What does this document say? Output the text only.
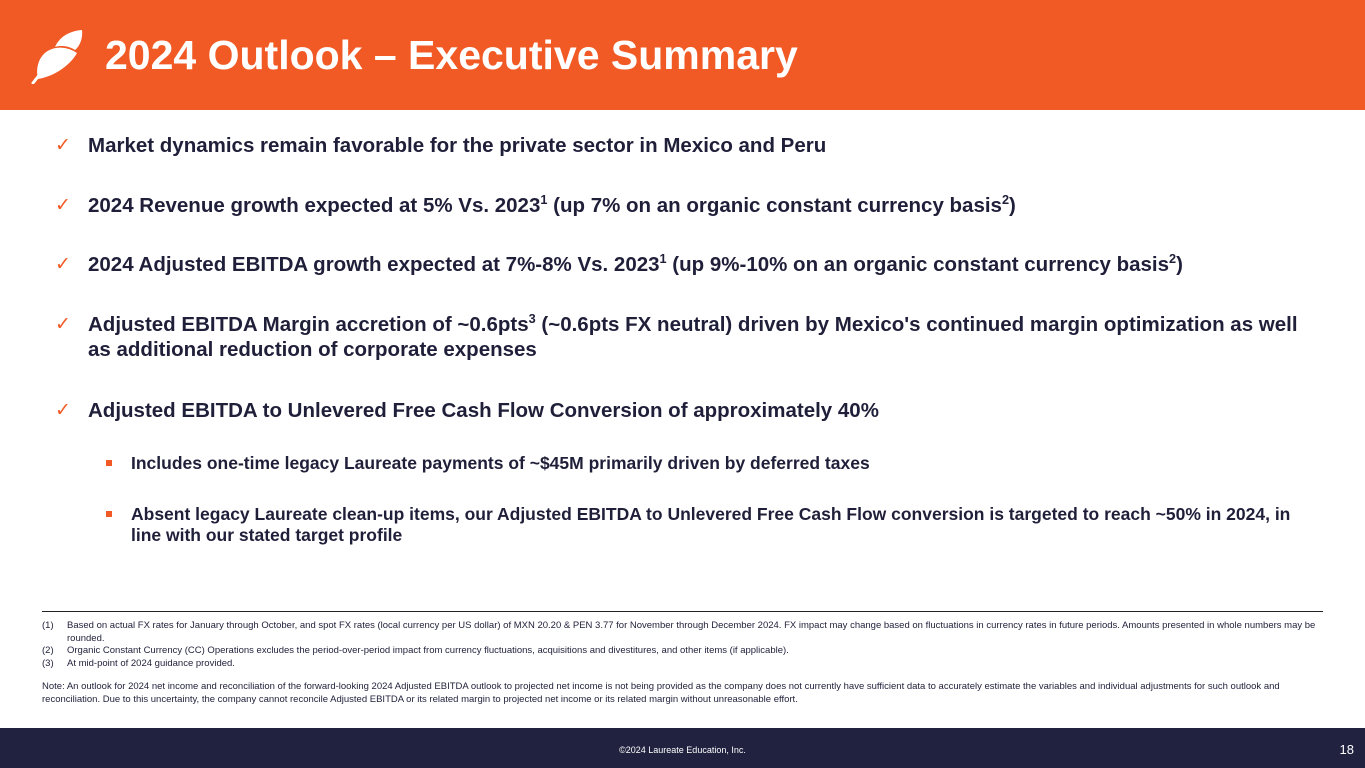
2024 Outlook – Executive Summary
✓ Market dynamics remain favorable for the private sector in Mexico and Peru
✓ 2024 Revenue growth expected at 5% Vs. 2023$^1$ (up 7% on an organic constant currency basis$^2$)
✓ 2024 Adjusted EBITDA growth expected at 7%-8% Vs. 2023$^1$ (up 9%-10% on an organic constant currency basis$^2$)
✓ Adjusted EBITDA Margin accretion of ~0.6pts$^3$ (~0.6pts FX neutral) driven by Mexico's continued margin optimization as well as additional reduction of corporate expenses
✓ Adjusted EBITDA to Unlevered Free Cash Flow Conversion of approximately 40%
Includes one-time legacy Laureate payments of ~$45M primarily driven by deferred taxes
Absent legacy Laureate clean-up items, our Adjusted EBITDA to Unlevered Free Cash Flow conversion is targeted to reach ~50% in 2024, in line with our stated target profile
(1) Based on actual FX rates for January through October, and spot FX rates (local currency per US dollar) of MXN 20.20 & PEN 3.77 for November through December 2024. FX impact may change based on fluctuations in currency rates in future periods. Amounts presented in whole numbers may be rounded.
(2) Organic Constant Currency (CC) Operations excludes the period-over-period impact from currency fluctuations, acquisitions and divestitures, and other items (if applicable).
(3) At mid-point of 2024 guidance provided.
Note: An outlook for 2024 net income and reconciliation of the forward-looking 2024 Adjusted EBITDA outlook to projected net income is not being provided as the company does not currently have sufficient data to accurately estimate the variables and individual adjustments for such outlook and reconciliation. Due to this uncertainty, the company cannot reconcile Adjusted EBITDA or its related margin to projected net income or its related margin without unreasonable effort.
©2024 Laureate Education, Inc.	18
